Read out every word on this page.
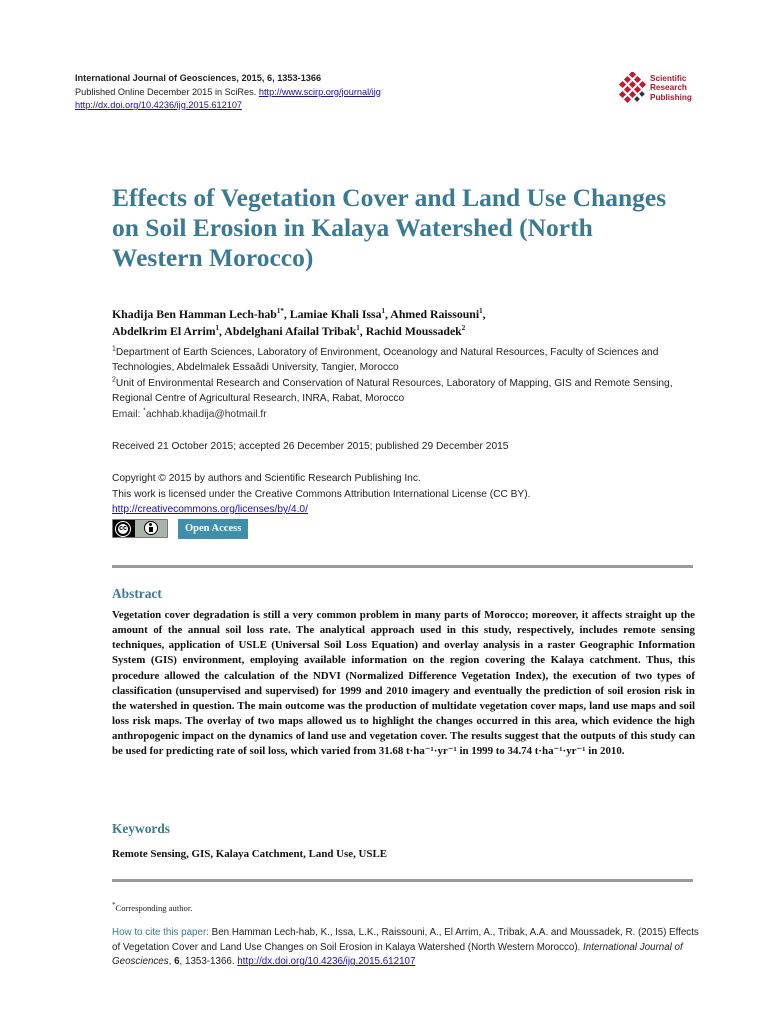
International Journal of Geosciences, 2015, 6, 1353-1366
Published Online December 2015 in SciRes. http://www.scirp.org/journal/ijg
http://dx.doi.org/10.4236/ijg.2015.612107
Scientific
Research
Publishing
Effects of Vegetation Cover and Land Use Changes on Soil Erosion in Kalaya Watershed (North Western Morocco)
Khadija Ben Hamman Lech-hab$^{1*}$, Lamiae Khali Issa$^1$, Ahmed Raissouni$^1$,
Abdelkrim El Arrim$^1$, Abdelghani Afailal Tribak$^1$, Rachid Moussadek$^2$
$^1$Department of Earth Sciences, Laboratory of Environment, Oceanology and Natural Resources, Faculty of Sciences and Technologies, Abdelmalek Essaâdi University, Tangier, Morocco
$^2$Unit of Environmental Research and Conservation of Natural Resources, Laboratory of Mapping, GIS and Remote Sensing, Regional Centre of Agricultural Research, INRA, Rabat, Morocco
Email: *achhab.khadija@hotmail.fr
Received 21 October 2015; accepted 26 December 2015; published 29 December 2015
Copyright © 2015 by authors and Scientific Research Publishing Inc.
This work is licensed under the Creative Commons Attribution International License (CC BY).
http://creativecommons.org/licenses/by/4.0/
cc	Open Access
Abstract

Vegetation cover degradation is still a very common problem in many parts of Morocco; moreover, it affects straight up the amount of the annual soil loss rate. The analytical approach used in this study, respectively, includes remote sensing techniques, application of USLE (Universal Soil Loss Equation) and overlay analysis in a raster Geographic Information System (GIS) environment, employing available information on the region covering the Kalaya catchment. Thus, this procedure allowed the calculation of the NDVI (Normalized Difference Vegetation Index), the execution of two types of classification (unsupervised and supervised) for 1999 and 2010 imagery and eventually the prediction of soil erosion risk in the watershed in question. The main outcome was the production of multidate vegetation cover maps, land use maps and soil loss risk maps. The overlay of two maps allowed us to highlight the changes occurred in this area, which evidence the high anthropogenic impact on the dynamics of land use and vegetation cover. The results suggest that the outputs of this study can be used for predicting rate of soil loss, which varied from 31.68 t·ha⁻¹·yr⁻¹ in 1999 to 34.74 t·ha⁻¹·yr⁻¹ in 2010.

Keywords

Remote Sensing, GIS, Kalaya Catchment, Land Use, USLE

*Corresponding author.
How to cite this paper: Ben Hamman Lech-hab, K., Issa, L.K., Raissouni, A., El Arrim, A., Tribak, A.A. and Moussadek, R. (2015) Effects of Vegetation Cover and Land Use Changes on Soil Erosion in Kalaya Watershed (North Western Morocco). International Journal of Geosciences, 6, 1353-1366. http://dx.doi.org/10.4236/ijg.2015.612107
